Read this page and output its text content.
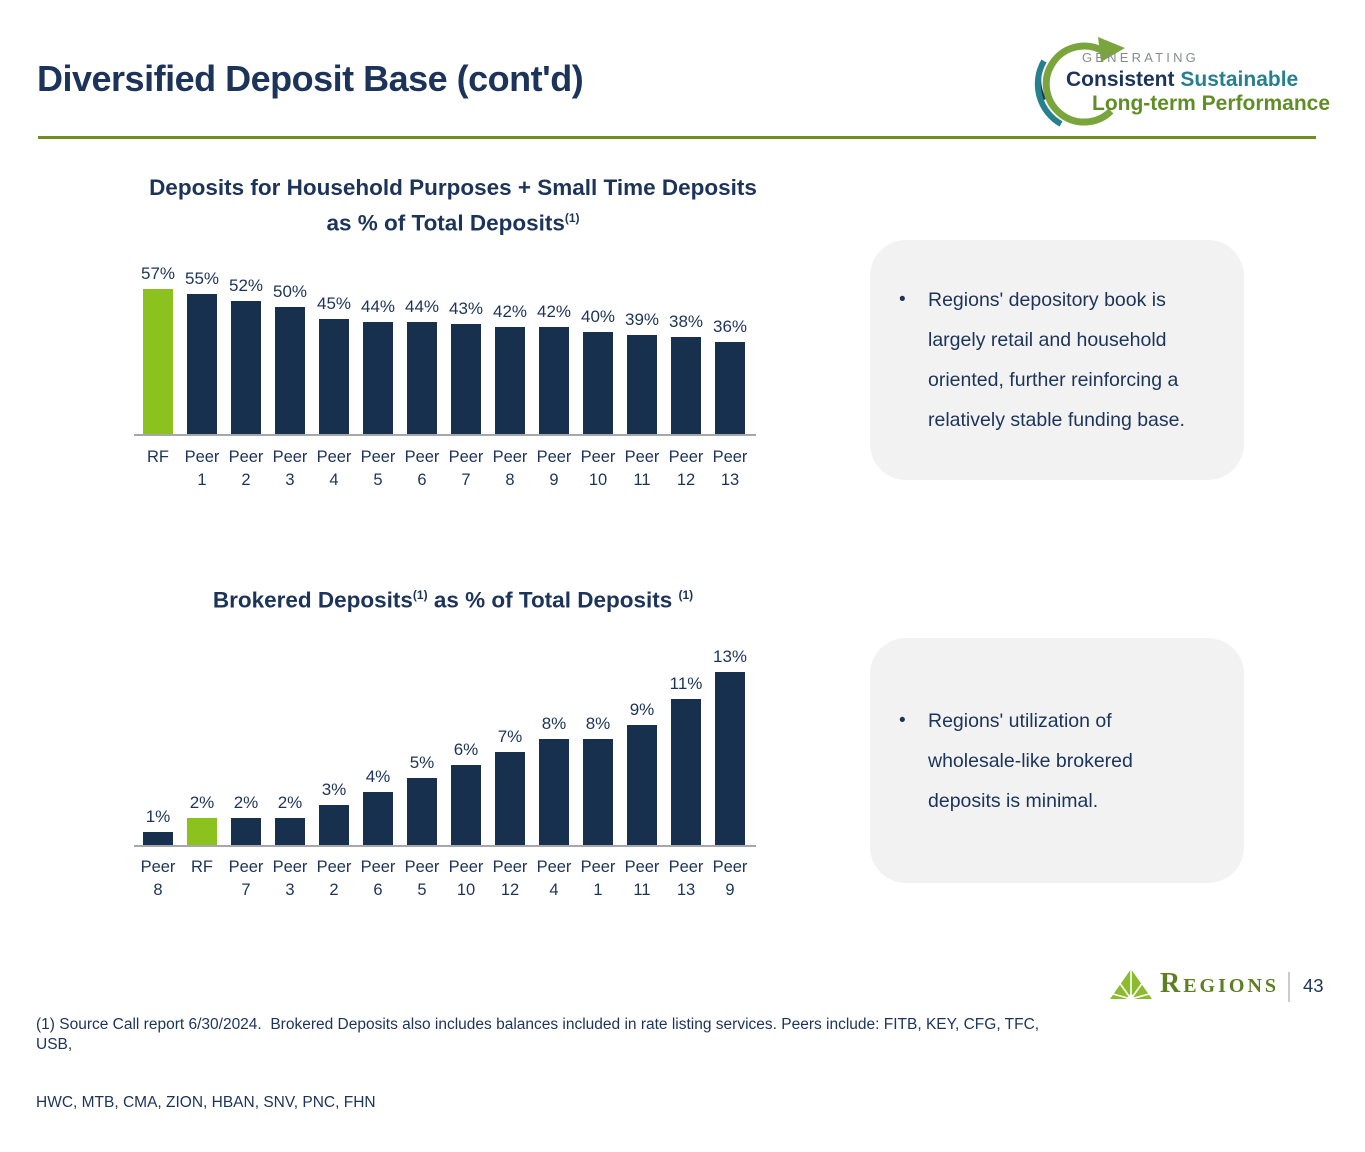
Diversified Deposit Base (cont'd)
GENERATING
Consistent Sustainable
Long-term Performance
Deposits for Household Purposes + Small Time Deposits
as % of Total Deposits$^{(1)}$
57% 55% 52% 50%
45% 44% 44% 43% 42% 42% 40% 39% 38% 36%
RF Peer
1
Peer
2
Peer
3
Peer
4
Peer
5
Peer
6
Peer
7
Peer
8
Peer
9
Peer
10
Peer
11
Peer
12
Peer
13
• Regions' depository book is largely retail and household oriented, further reinforcing a relatively stable funding base.

Brokered Deposits$^{(1)}$ as % of Total Deposits $^{(1)}$
1%
2% 2% 2%
3%
4%
5%
6%
7%
8% 8%
9%
11%
13%
Peer
8
RF Peer
7
Peer
3
Peer
2
Peer
6
Peer
5
Peer
10
Peer
12
Peer
4
Peer
1
Peer
11
Peer
13
Peer
9
• Regions' utilization of wholesale-like brokered deposits is minimal.

(1) Source Call report 6/30/2024.  Brokered Deposits also includes balances included in rate listing services. Peers include: FITB, KEY, CFG, TFC, USB,

HWC, MTB, CMA, ZION, HBAN, SNV, PNC, FHN

Regions 43
